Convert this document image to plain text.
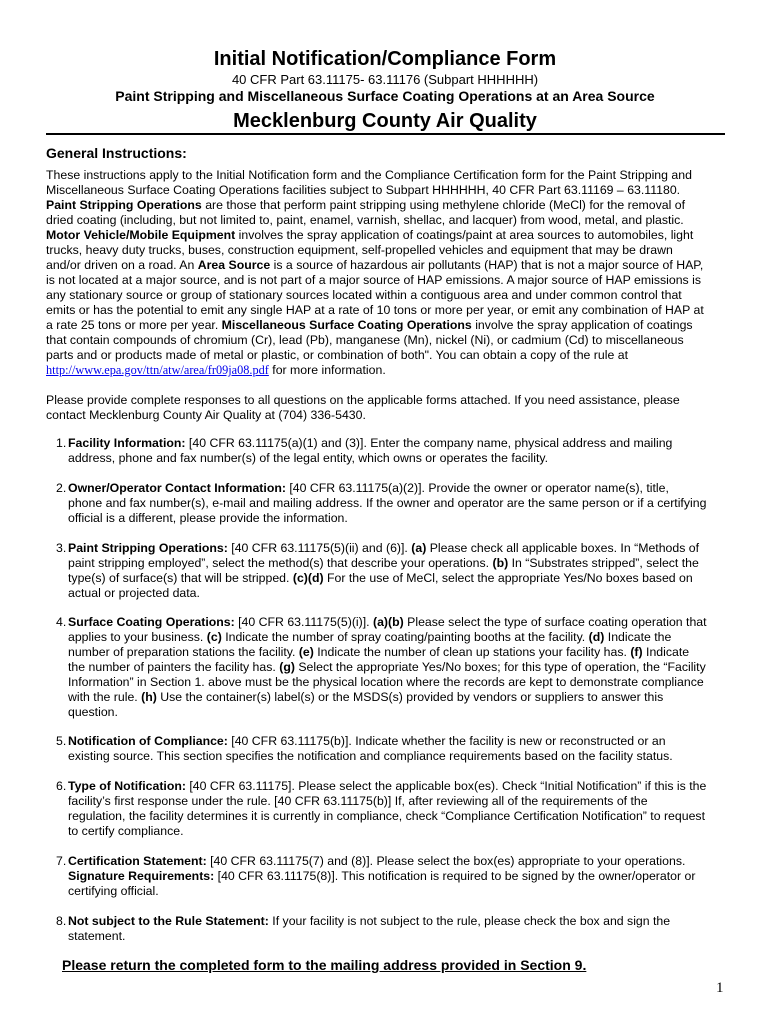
Initial Notification/Compliance Form
40 CFR Part 63.11175- 63.11176 (Subpart HHHHHH)
Paint Stripping and Miscellaneous Surface Coating Operations at an Area Source
Mecklenburg County Air Quality
General Instructions:
These instructions apply to the Initial Notification form and the Compliance Certification form for the Paint Stripping and
Miscellaneous Surface Coating Operations facilities subject to Subpart HHHHHH, 40 CFR Part 63.11169 – 63.11180.
Paint Stripping Operations are those that perform paint stripping using methylene chloride (MeCl) for the removal of
dried coating (including, but not limited to, paint, enamel, varnish, shellac, and lacquer) from wood, metal, and plastic.
Motor Vehicle/Mobile Equipment involves the spray application of coatings/paint at area sources to automobiles, light
trucks, heavy duty trucks, buses, construction equipment, self-propelled vehicles and equipment that may be drawn
and/or driven on a road. An Area Source is a source of hazardous air pollutants (HAP) that is not a major source of HAP,
is not located at a major source, and is not part of a major source of HAP emissions. A major source of HAP emissions is
any stationary source or group of stationary sources located within a contiguous area and under common control that
emits or has the potential to emit any single HAP at a rate of 10 tons or more per year, or emit any combination of HAP at
a rate 25 tons or more per year. Miscellaneous Surface Coating Operations involve the spray application of coatings
that contain compounds of chromium (Cr), lead (Pb), manganese (Mn), nickel (Ni), or cadmium (Cd) to miscellaneous
parts and or products made of metal or plastic, or combination of both". You can obtain a copy of the rule at
http://www.epa.gov/ttn/atw/area/fr09ja08.pdf for more information.
Please provide complete responses to all questions on the applicable forms attached. If you need assistance, please
contact Mecklenburg County Air Quality at (704) 336-5430.
1. Facility Information: [40 CFR 63.11175(a)(1) and (3)]. Enter the company name, physical address and mailing
address, phone and fax number(s) of the legal entity, which owns or operates the facility.
2. Owner/Operator Contact Information: [40 CFR 63.11175(a)(2)]. Provide the owner or operator name(s), title,
phone and fax number(s), e-mail and mailing address. If the owner and operator are the same person or if a certifying
official is a different, please provide the information.
3. Paint Stripping Operations: [40 CFR 63.11175(5)(ii) and (6)]. (a) Please check all applicable boxes. In “Methods of
paint stripping employed”, select the method(s) that describe your operations. (b) In “Substrates stripped”, select the
type(s) of surface(s) that will be stripped. (c)(d) For the use of MeCl, select the appropriate Yes/No boxes based on
actual or projected data.
4. Surface Coating Operations: [40 CFR 63.11175(5)(i)]. (a)(b) Please select the type of surface coating operation that
applies to your business. (c) Indicate the number of spray coating/painting booths at the facility. (d) Indicate the
number of preparation stations the facility. (e) Indicate the number of clean up stations your facility has. (f) Indicate
the number of painters the facility has. (g) Select the appropriate Yes/No boxes; for this type of operation, the “Facility
Information” in Section 1. above must be the physical location where the records are kept to demonstrate compliance
with the rule. (h) Use the container(s) label(s) or the MSDS(s) provided by vendors or suppliers to answer this
question.
5. Notification of Compliance: [40 CFR 63.11175(b)]. Indicate whether the facility is new or reconstructed or an
existing source. This section specifies the notification and compliance requirements based on the facility status.
6. Type of Notification: [40 CFR 63.11175]. Please select the applicable box(es). Check “Initial Notification” if this is the
facility’s first response under the rule. [40 CFR 63.11175(b)] If, after reviewing all of the requirements of the
regulation, the facility determines it is currently in compliance, check “Compliance Certification Notification” to request
to certify compliance.
7. Certification Statement: [40 CFR 63.11175(7) and (8)]. Please select the box(es) appropriate to your operations.
Signature Requirements: [40 CFR 63.11175(8)]. This notification is required to be signed by the owner/operator or
certifying official.
8. Not subject to the Rule Statement: If your facility is not subject to the rule, please check the box and sign the
statement.
Please return the completed form to the mailing address provided in Section 9.
1
